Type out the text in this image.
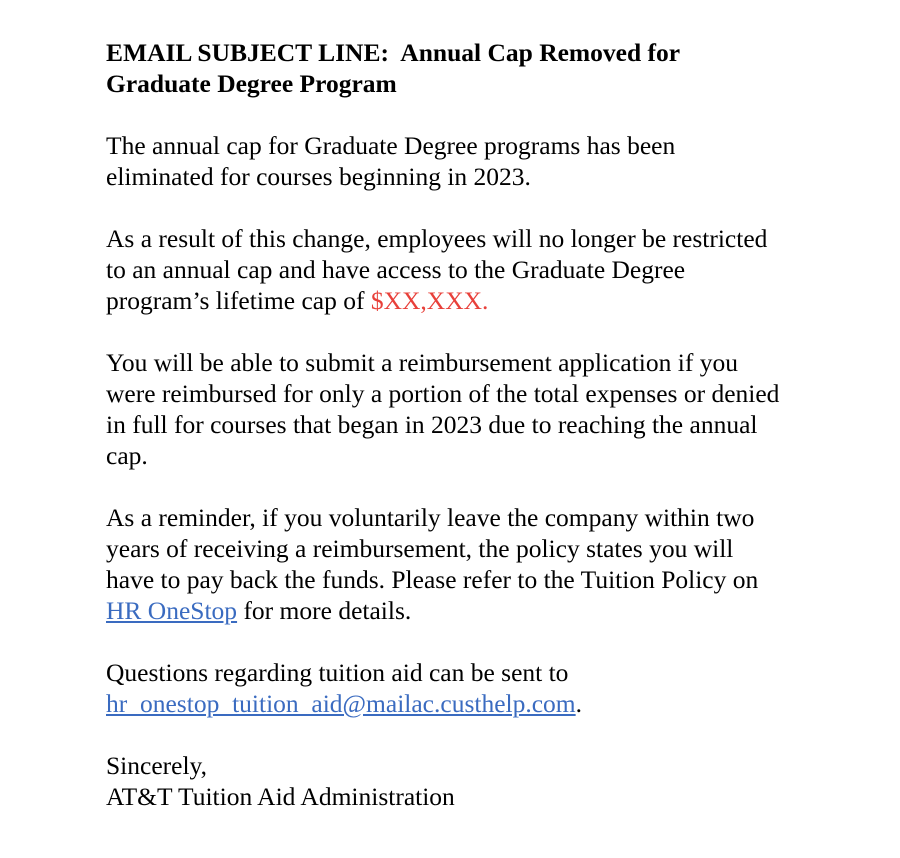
EMAIL SUBJECT LINE: Annual Cap Removed for Graduate Degree Program

The annual cap for Graduate Degree programs has been eliminated for courses beginning in 2023.

As a result of this change, employees will no longer be restricted to an annual cap and have access to the Graduate Degree program’s lifetime cap of $XX,XXX.

You will be able to submit a reimbursement application if you were reimbursed for only a portion of the total expenses or denied in full for courses that began in 2023 due to reaching the annual cap.

As a reminder, if you voluntarily leave the company within two years of receiving a reimbursement, the policy states you will have to pay back the funds. Please refer to the Tuition Policy on HR OneStop for more details.

Questions regarding tuition aid can be sent to hr_onestop_tuition_aid@mailac.custhelp.com.

Sincerely,
AT&T Tuition Aid Administration
